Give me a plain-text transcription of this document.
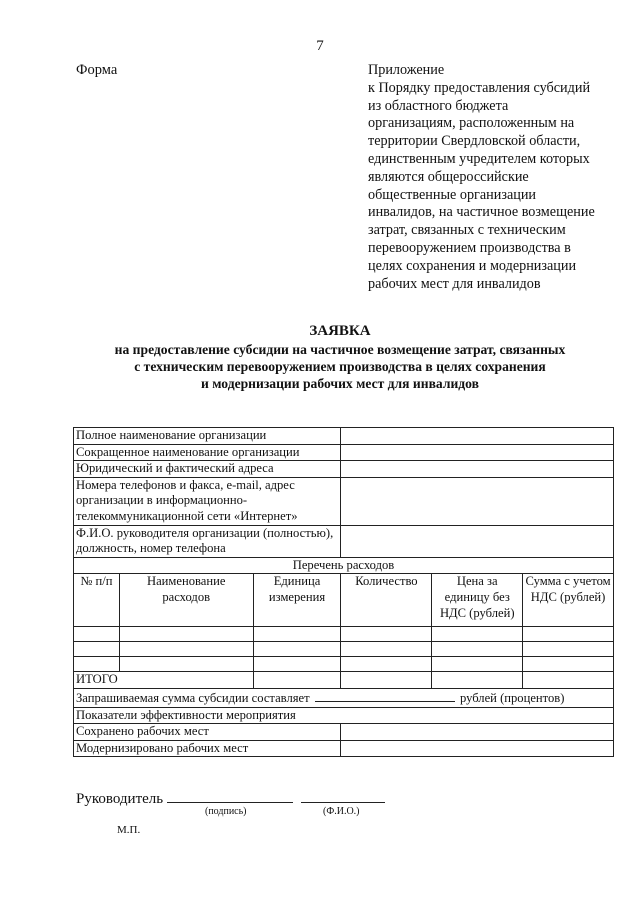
7
Форма	Приложение
к Порядку предоставления субсидий
из областного бюджета
организациям, расположенным на
территории Свердловской области,
единственным учредителем которых
являются общероссийские
общественные организации
инвалидов, на частичное возмещение
затрат, связанных с техническим
перевооружением производства в
целях сохранения и модернизации
рабочих мест для инвалидов
ЗАЯВКА
на предоставление субсидии на частичное возмещение затрат, связанных
с техническим перевооружением производства в целях сохранения
и модернизации рабочих мест для инвалидов
Полное наименование организации					
Сокращенное наименование организации					
Юридический и фактический адреса					
Номера телефонов и факса, e-mail, адрес организации в информационно-телекоммуникационной сети «Интернет»					
Ф.И.О. руководителя организации (полностью), должность, номер телефона					
Перечень расходов					
№ п/п	Наименование расходов	Единица измерения	Количество	Цена за единицу без НДС (рублей)	Сумма с учетом НДС (рублей)

ИТОГО					
Запрашиваемая сумма субсидии составляет рублей (процентов)					
Показатели эффективности мероприятия					
Сохранено рабочих мест					
Модернизировано рабочих мест					
Руководитель
(подпись)	(Ф.И.О.)
М.П.
